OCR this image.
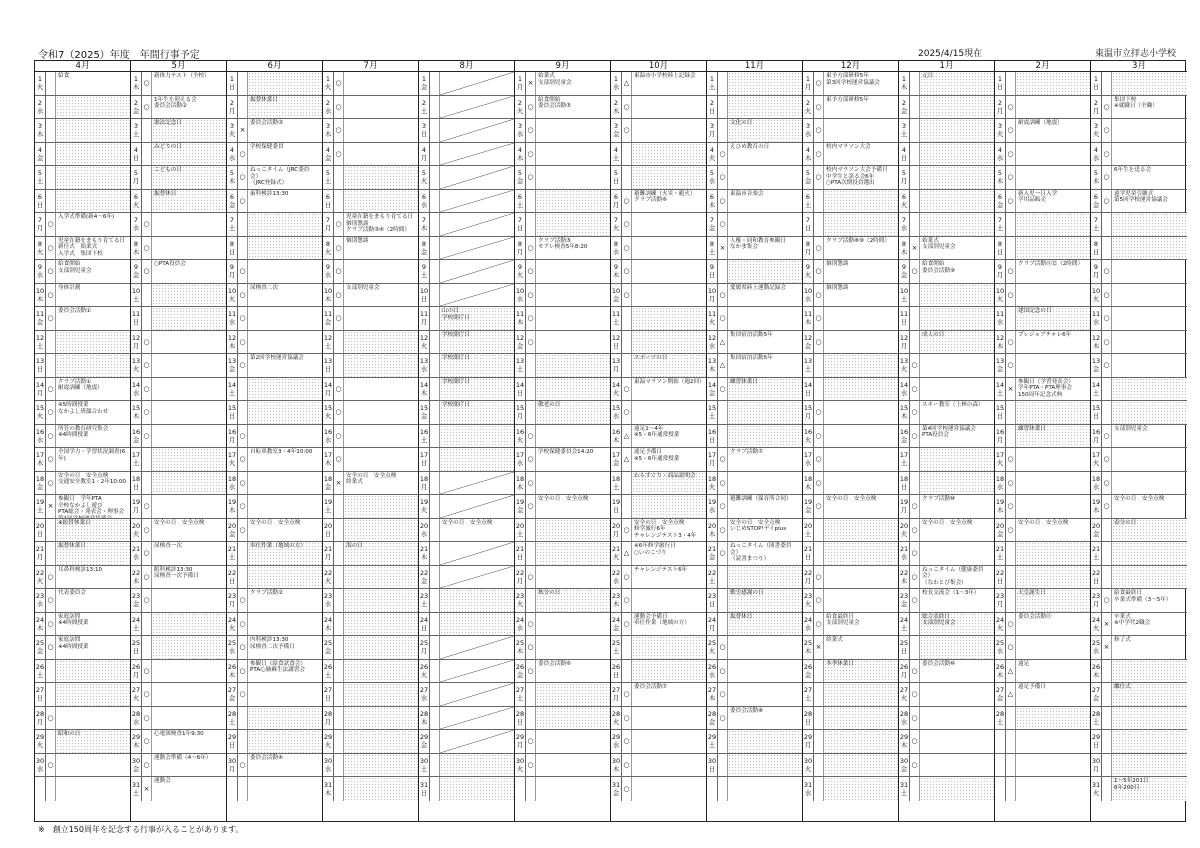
令和7（2025）年度　年間行事予定	2025/4/15現在	東温市立拝志小学校
4月
1
火
給食
2
水
3
木
4
金
5
土
6
日
7
月 ○
入学式準備(新4～6年)
8
火 ○
児童在籍をまもり育てる日
新任式　始業式
入学式　集団下校
9
水 ○
給食開始
支部別児童会
10
木 ○
身体計測
11
金 ○
委員会活動①
12
土
13
日
14
月 ○
クラブ活動①
耐震訓練（地震）
15
火 ○
※5時間授業
なかよし班顔合わせ
16
水 ○
所管の教育研究集会
※4時間授業
17
木 ○
全国学力・学習状況調査(6年)
18
金 ○
安全の日　安全点検
交通安全教室1・2年10:00
19
土 ×
参観日　学年PTA
全校なかよし遊び
PTA総会・発表会・理事会

20
日
※振替休業日
21
月
振替休業日
22
火 ○
耳鼻科検診13:10
23
水 ○
代表委員会
24
木 ○
家庭訪問
※4時間授業
25
金 ○
家庭訪問
※4時間授業
26
土
27
日
28
月 ○
29
火
昭和の日
30
水 ○
5月
1
木 ○
新体力テスト（全校）
2
金 ○
1年生を迎える会
委員会活動②
3
土
憲法記念日
4
日
みどりの日
5
月
こどもの日
6
火
振替休日
7
水 ○
8
木 ○
9
金 ○
○PTA役員会
10
土
11
日
12
月 ○
13
火 ○
14
水 ○
15
木 ○
16
金 ○
17
土
18
日
19
月 ○
20
火 ○
安全の日　安全点検
21
水 ○
尿検査一次
22
木 ○
眼科検診13:30
尿検査一次予備日
23
金 ○
24
土
25
日
26
月 ○
27
火 ○
28
水 ○
29
木 ○
心電図検査1年9:30
30
金 ○
運動会準備（4～6年）
31
土 ×
運動会
6月
1
日
2
月
振替休業日
3
火 ×
委員会活動③
4
水 ○
学校保健委員
5
木 ○
ねっこタイム（JRC委員会）
（JRC登録式）
6
金 ○
歯科検診13:30
7
土
8
日
9
月 ○
10
火 ○
尿検査二次
11
水 ○
12
木 ○
13
金 ○
第2回学校運営協議会
14
土
15
日
16
月 ○
17
火 ○
自転車教室3・4年10:00
18
水 ○
19
木 ○
20
金 ○
安全の日　安全点検
21
土
奉仕作業（地域の方）
22
日
23
月 ○
クラブ活動②
24
火 ○
25
水 ○
内科検診13:30
尿検査二次予備日
26
木 ○
参観日（給食試食会）
PTA心肺蘇生法講習会
27
金 ○
28
土
29
日
30
月 ○
委員会活動④
7月
1
火 ○
2
水 ○
3
木 ○
4
金 ○
5
土
6
日
7
月 ○
児童在籍をまもり育てる日
個別懇談
クラブ活動③④（2時間）
8
火 ○
個別懇談
9
水 ○
10
木 ○
支部別児童会
11
金 ○
12
土
13
日
14
月 ○
15
火 ○
16
水 ○
17
木 ○
18
金 ×
安全の日　安全点検
終業式
19
土
20
日
21
月
海の日
22
火
23
水
24
木
25
金
26
土
27
日
28
月
29
火
30
水
31
木
8月
1
金
2
土
3
日
4
月
5
火
6
水
7
木
8
金
9
土
10
日
11
月
山の日
学校閉庁日
12
火
学校閉庁日
13
水
学校閉庁日
14
木
学校閉庁日
15
金
学校閉庁日
16
土
17
日
18
月
19
火
20
水
安全の日　安全点検
21
木
22
金
23
土
24
日
25
月
26
火
27
水
28
木
29
金
30
土
31
日
9月
1
月 ×
始業式
支部別児童会
2
火 ○
給食開始
委員会活動⑤
3
水 ○
4
木 ○
5
金 ○
6
土
7
日
8
月 ○
クラブ活動⑤
モアレ検査5年8:20
9
火 ○
10
水 ○
11
木 ○
12
金 ○
13
土
14
日
15
月
敬老の日
16
火 ○
17
水 ○
学校保健委員会14:20
18
木 ○
19
金 ○
安全の日　安全点検
20
土
21
日
22
月 ○
23
火
秋分の日
24
水 ○
25
木 ○
26
金 ○
委員会活動⑥
27
土
28
日
29
月 ○
30
火 ○
10月
1
水 △
東温市小学校陸上記録会
2
木 ○
3
金 ○
4
土
5
日
6
月 ○
避難訓練（火災・避火）
クラブ活動⑥
7
火 ○
8
水 ○
9
木 ○
10
金 ○
11
土
12
日
13
月
スポーツの日
14
火 ○
東温マラソン開始（週2回）
15
水 ○
16
木 △
遠足1～4年
※5・6年通常授業
17
金 △
遠足予備日
※5・6年通常授業
18
土
わらすぐり・商品説明会
19
日
20
月 ○
安全の日　安全点検
修学旅行6年
チャレンジテスト3・4年
21
火 △
※6年修学旅行日
○いのこづり
22
水 ○
チャレンジテスト6年
23
木 ○
24
金 ○
運動会予備日
奉仕作業（地域の方）
25
土
26
日
27
月 ○
委員会活動⑦
28
火 ○
29
水 ○
30
木 ○
31
金 ○
11月
1
土
2
日
3
月
文化の日
4
火 ○
えひめ教育の日
5
水 ○
6
木 ○
東温市音楽会
7
金 ○
8
土 ×
人権・同和教育参観日
なかま集会
9
日
10
月 ○
愛媛県陸上運動記録会
11
火 ○
12
水 △
集団宿泊活動5年
13
木 △
集団宿泊活動5年
14
金 ○
練習休業日
15
土
16
日
17
月 ○
クラブ活動⑦
18
火 ○
19
水 ○
避難訓練（保育所合同）
20
木 ○
安全の日　安全点検
いじめSTOP!デイplus
21
金 ○
ねっこタイム（図書委員会）
（読書まつり）
22
土
23
日
勤労感謝の日
24
月
振替休日
25
火 ○
26
水 ○
27
木 ○
28
金 ○
委員会活動⑧
29
土
30
日
12月
1
月 ○
東予方部研修5年
第3回学校運営協議会
2
火 ○
東予方部研修5年
3
水 ○
4
木 ○
校内マラソン大会
5
金 ○
校内マラソン大会予備日
中学生と語る会6年
○PTA次期役員選出
6
土
7
日
8
月 ○
クラブ活動⑧⑨（2時間）
9
火 ○
個別懇談
10
水 ○
個別懇談
11
木 ○
12
金 ○
13
土
14
日
15
月 ○
16
火 ○
17
水 ○
18
木 ○
19
金 ○
安全の日　安全点検
20
土
21
日
22
月 ○
23
火 ○
24
水 ○
給食最終日
支部別児童会
25
木 ×
終業式
26
金
冬季休業日
27
土
28
日
29
月
30
火
31
水
1月
1
木
元日
2
金
3
土
4
日
5
月
6
火
7
水
8
木 ×
始業式
支部別児童会
9
金 ○
給食開始
委員会活動⑨
10
土
11
日
12
月
成人の日
13
火 ○
14
水 ○
15
木 ○
スキー教室（上林の森）
16
金 ○
第4回学校運営協議会
PTA役員会
17
土
18
日
19
月 ○
クラブ活動⑩
20
火 ○
安全の日　安全点検
21
水 ○
22
木 ○
ねっこタイム（健康委員会）
（なわとび集会）
23
金 ○
校長交流会（1～3年）
24
土
総合表終日
支部別児童会
25
日
26
月 ○
委員会活動⑩
27
火 ○
28
水 ○
29
木 ○
30
金 ○
31
土
2月
1
日
2
月 ○
3
火 ○
耐震訓練（地震）
4
水 ○
5
木 ○
6
金 ○
新入児一日入学
学用品販売
7
土
8
日
9
月 ○
クラブ活動⑪⑫（2時間）
10
火 ○
11
水
建国記念の日
12
木 ○
プレジョブチャレ6年
13
金 ○
14
土 ×
参観日（学習発表会）
学年PTA・PTA理事会
150周年記念式典
15
日
16
月
練習休業日
17
火 ○
18
水 ○
19
木 ○
20
金 ○
安全の日　安全点検
21
土
22
日
23
月
天皇誕生日
24
火 ○
委員会活動⑪
25
水 ○
26
木 △
遠足
27
金 △
遠足予備日
28
土
3月
1
日
2
月 ○
集団下校
※就職日（全職）
3
火 ○
4
水 ○
5
木 ○
6年生を送る会
6
金 ○
遠学児童引継式
第5回学校運営協議会
7
土
8
日
9
月 ○
10
火 ○
11
水 ○
12
木 ○
13
金 ○
14
土
15
日
16
月 ○
支部別児童会
17
火 ○
18
水 ○
19
木 ○
安全の日　安全点検
20
金
春分の日
21
土
22
日
23
月 ○
給食最終日
卒業式準備（3～5年）
24
火 ×
卒業式
※中学代2職会
25
水 ×
修了式
26
木
27
金
離任式
28
土
29
日
30
月
31
火
1～5年201日
6年200日
※　創立150周年を記念する行事が入ることがあります。
